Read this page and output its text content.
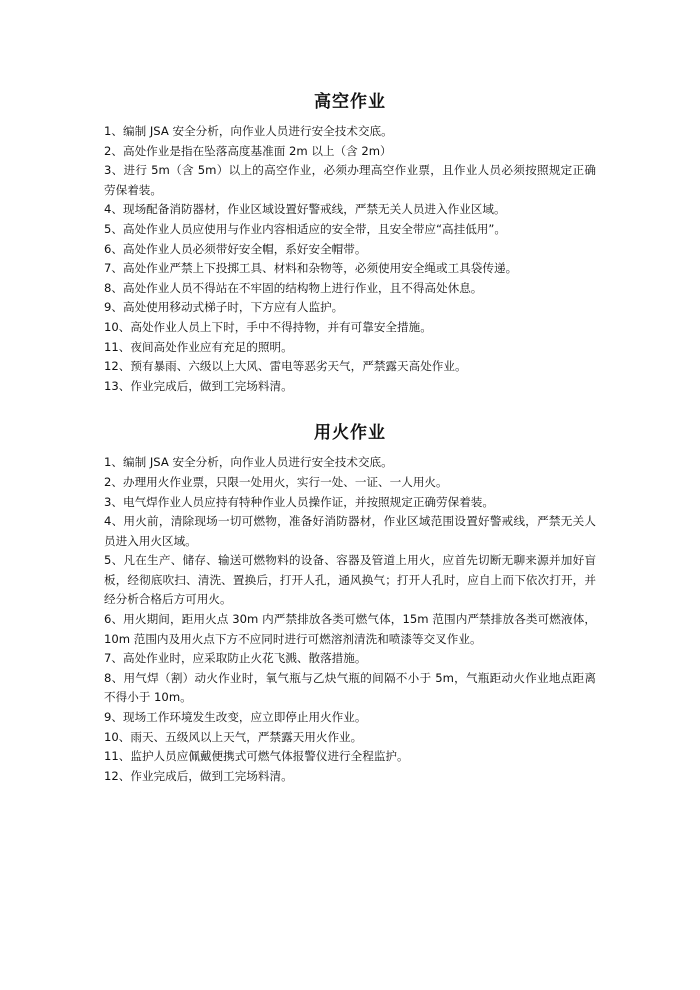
高空作业
1、编制 JSA 安全分析，向作业人员进行安全技术交底。
2、高处作业是指在坠落高度基准面 2m 以上（含 2m）
3、进行 5m（含 5m）以上的高空作业，必须办理高空作业票，且作业人员必须按照规定正确劳保着装。
4、现场配备消防器材，作业区域设置好警戒线，严禁无关人员进入作业区域。
5、高处作业人员应使用与作业内容相适应的安全带，且安全带应“高挂低用”。
6、高处作业人员必须带好安全帽，系好安全帽带。
7、高处作业严禁上下投掷工具、材料和杂物等，必须使用安全绳或工具袋传递。
8、高处作业人员不得站在不牢固的结构物上进行作业，且不得高处休息。
9、高处使用移动式梯子时，下方应有人监护。
10、高处作业人员上下时，手中不得持物，并有可靠安全措施。
11、夜间高处作业应有充足的照明。
12、预有暴雨、六级以上大风、雷电等恶劣天气，严禁露天高处作业。
13、作业完成后，做到工完场料清。
用火作业
1、编制 JSA 安全分析，向作业人员进行安全技术交底。
2、办理用火作业票，只限一处用火，实行一处、一证、一人用火。
3、电气焊作业人员应持有特种作业人员操作证，并按照规定正确劳保着装。
4、用火前，清除现场一切可燃物，准备好消防器材，作业区域范围设置好警戒线，严禁无关人员进入用火区域。
5、凡在生产、储存、输送可燃物料的设备、容器及管道上用火，应首先切断无聊来源并加好盲板，经彻底吹扫、清洗、置换后，打开人孔，通风换气；打开人孔时，应自上而下依次打开，并经分析合格后方可用火。
6、用火期间，距用火点 30m 内严禁排放各类可燃气体，15m 范围内严禁排放各类可燃液体，10m 范围内及用火点下方不应同时进行可燃溶剂清洗和喷漆等交叉作业。
7、高处作业时，应采取防止火花飞溅、散落措施。
8、用气焊（割）动火作业时，氧气瓶与乙炔气瓶的间隔不小于 5m，气瓶距动火作业地点距离不得小于 10m。
9、现场工作环境发生改变，应立即停止用火作业。
10、雨天、五级风以上天气，严禁露天用火作业。
11、监护人员应佩戴便携式可燃气体报警仪进行全程监护。
12、作业完成后，做到工完场料清。
